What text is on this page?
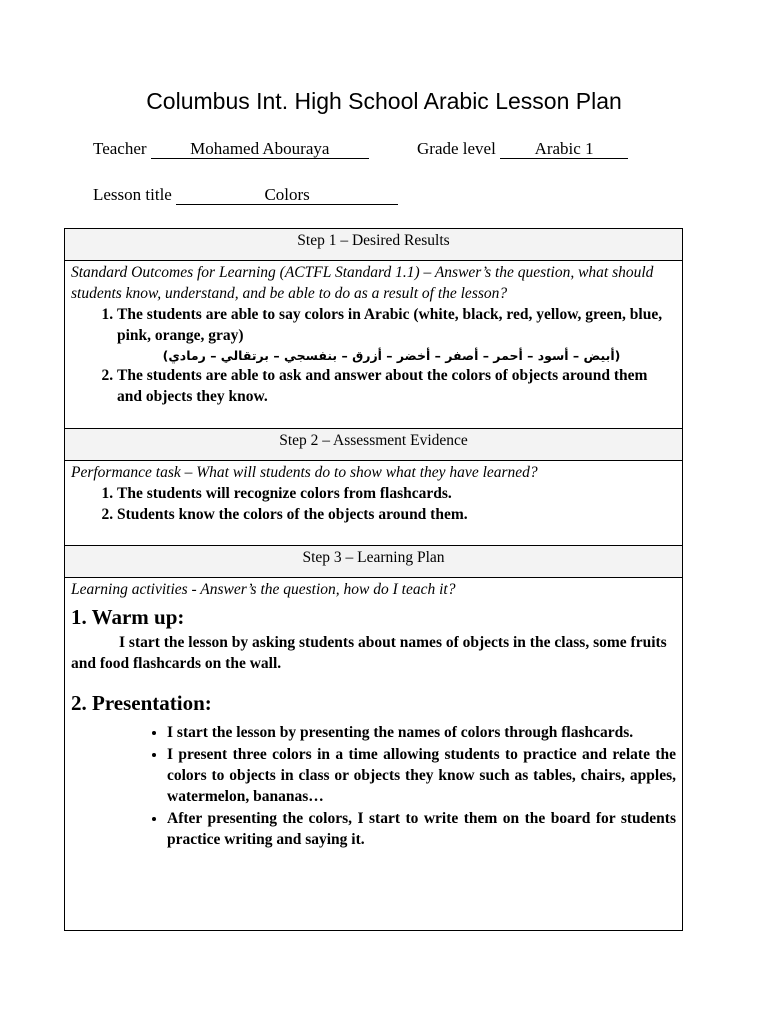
Columbus Int. High School Arabic Lesson Plan
Teacher	Mohamed Abouraya	Grade level Arabic 1
Lesson title	Colors
Step 1 – Desired Results
Standard Outcomes for Learning (ACTFL Standard 1.1) – Answer’s the question, what should students know, understand, and be able to do as a result of the lesson?
1. The students are able to say colors in Arabic (white, black, red, yellow, green, blue, pink, orange, gray)
(أبيض – أسود – أحمر – أصفر – أخضر – أزرق – بنفسجي – برتقالي – رمادي)
2. The students are able to ask and answer about the colors of objects around them and objects they know.
Step 2 – Assessment Evidence
Performance task – What will students do to show what they have learned?
1. The students will recognize colors from flashcards.
2. Students know the colors of the objects around them.
Step 3 – Learning Plan
Learning activities - Answer’s the question, how do I teach it?
1. Warm up:
I start the lesson by asking students about names of objects in the class, some fruits and food flashcards on the wall.
2. Presentation:
• I start the lesson by presenting the names of colors through flashcards.
• I present three colors in a time allowing students to practice and relate the colors to objects in class or objects they know such as tables, chairs, apples, watermelon, bananas…
• After presenting the colors, I start to write them on the board for students practice writing and saying it.
